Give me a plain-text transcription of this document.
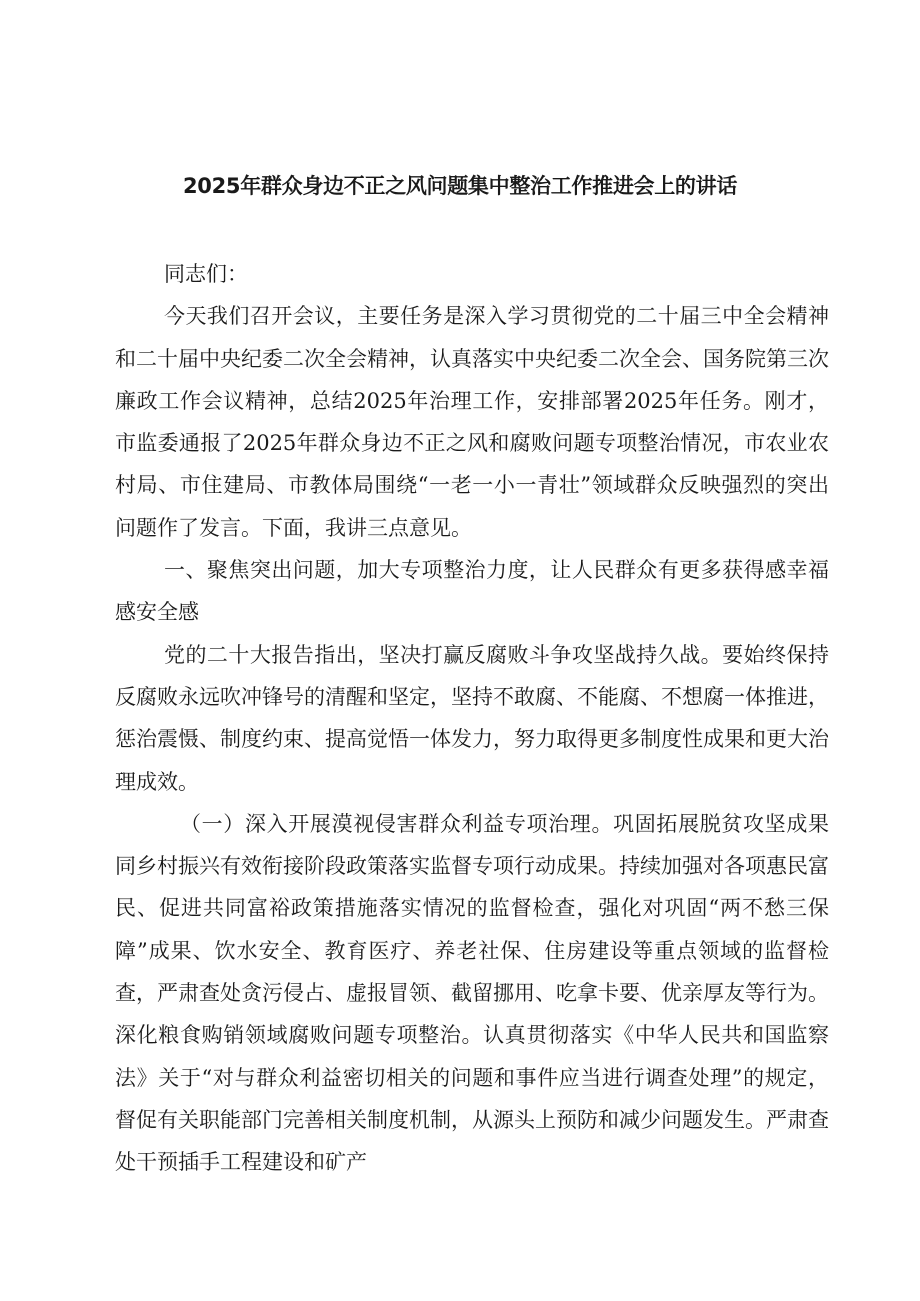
2025年群众身边不正之风问题集中整治工作推进会上的讲话

同志们：

今天我们召开会议，主要任务是深入学习贯彻党的二十届三中全会精神和二十届中央纪委二次全会精神，认真落实中央纪委二次全会、国务院第三次廉政工作会议精神，总结2025年治理工作，安排部署2025年任务。刚才，市监委通报了2025年群众身边不正之风和腐败问题专项整治情况，市农业农村局、市住建局、市教体局围绕“一老一小一青壮”领域群众反映强烈的突出问题作了发言。下面，我讲三点意见。

一、聚焦突出问题，加大专项整治力度，让人民群众有更多获得感幸福感安全感

党的二十大报告指出，坚决打赢反腐败斗争攻坚战持久战。要始终保持反腐败永远吹冲锋号的清醒和坚定，坚持不敢腐、不能腐、不想腐一体推进，惩治震慑、制度约束、提高觉悟一体发力，努力取得更多制度性成果和更大治理成效。

（一）深入开展漠视侵害群众利益专项治理。巩固拓展脱贫攻坚成果同乡村振兴有效衔接阶段政策落实监督专项行动成果。持续加强对各项惠民富民、促进共同富裕政策措施落实情况的监督检查，强化对巩固“两不愁三保障”成果、饮水安全、教育医疗、养老社保、住房建设等重点领域的监督检查，严肃查处贪污侵占、虚报冒领、截留挪用、吃拿卡要、优亲厚友等行为。深化粮食购销领域腐败问题专项整治。认真贯彻落实《中华人民共和国监察法》关于“对与群众利益密切相关的问题和事件应当进行调查处理”的规定，督促有关职能部门完善相关制度机制，从源头上预防和减少问题发生。严肃查处干预插手工程建设和矿产
